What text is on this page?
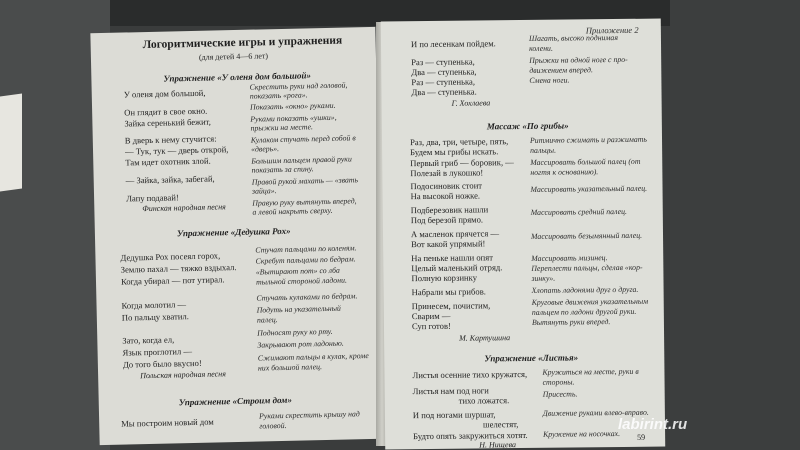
Логоритмические игры и упражнения
(для детей 4—6 лет)
Упражнение «У оленя дом большой»
У оленя дом большой,
Он глядит в свое окно.
Зайка серенький бежит,
В дверь к нему стучится:
— Тук, тук — дверь открой,
Там идет охотник злой.
— Зайка, зайка, забегай,
Лапу подавай!
Финская народная песня
Скрестить руки над головой,
показать «рога».
Показать «окно» руками.
Руками показать «ушки»,
прыжки на месте.
Кулаком стучать перед собой в
«дверь».
Большим пальцем правой руки
показать за спину.
Правой рукой махать — «звать
зайца».
Правую руку вытянуть вперед,
а левой накрыть сверху.
Упражнение «Дедушка Рох»
Дедушка Рох посеял горох,
Землю пахал — тяжко вздыхал.
Когда убирал — пот утирал.
Когда молотил —
По пальцу хватил.
Зато, когда ел,
Язык проглотил —
До того было вкусно!
Польская народная песня
Стучат пальцами по коленям.
Скребут пальцами по бедрам.
«Вытирают пот» со лба
тыльной стороной ладони.
Стучать кулаками по бедрам.
Подуть на указательный
палец.
Подносят руку ко рту.
Закрывают рот ладонью.
Сжимают пальцы в кулак, кроме
них большой палец.
Упражнение «Строим дом»
Мы построим новый дом
Руками скрестить крышу над
головой.
Приложение 2
И по лесенкам пойдем.
Раз — ступенька,
Два — ступенька,
Раз — ступенька,
Два — ступенька.
Шагать, высоко поднимая
колени.
Прыжки на одной ноге с про-
движением вперед.
Смена ноги.
Г. Хохлаева
Массаж «По грибы»
Раз, два, три, четыре, пять,
Будем мы грибы искать.
Первый гриб — боровик, —
Полезай в лукошко!
Подосиновик стоит
На высокой ножке.
Подберезовик нашли
Под березой прямо.
А масленок прячется —
Вот какой упрямый!
На пеньке нашли опят
Целый маленький отряд.
Полную корзинку
Набрали мы грибов.
Принесем, почистим,
Сварим —
Суп готов!
М. Картушина
Ритмично сжимать и разжимать
пальцы.
Массировать большой палец (от
ногтя к основанию).
Массировать указательный палец.
Массировать средний палец.
Массировать безымянный палец.
Массировать мизинец.
Переплести пальцы, сделав «кор-
зинку».
Хлопать ладонями друг о друга.
Круговые движения указательным
пальцем по ладони другой руки.
Вытянуть руки вперед.
Упражнение «Листья»
Листья осенние тихо кружатся,
Листья нам под ноги
тихо ложатся.
И под ногами шуршат,
шелестят,
Будто опять закружиться хотят.
Н. Нищева
Кружиться на месте, руки в
стороны.
Присесть.
Движение руками влево-вправо.
Кружение на носочках. 59
labirint.ru
